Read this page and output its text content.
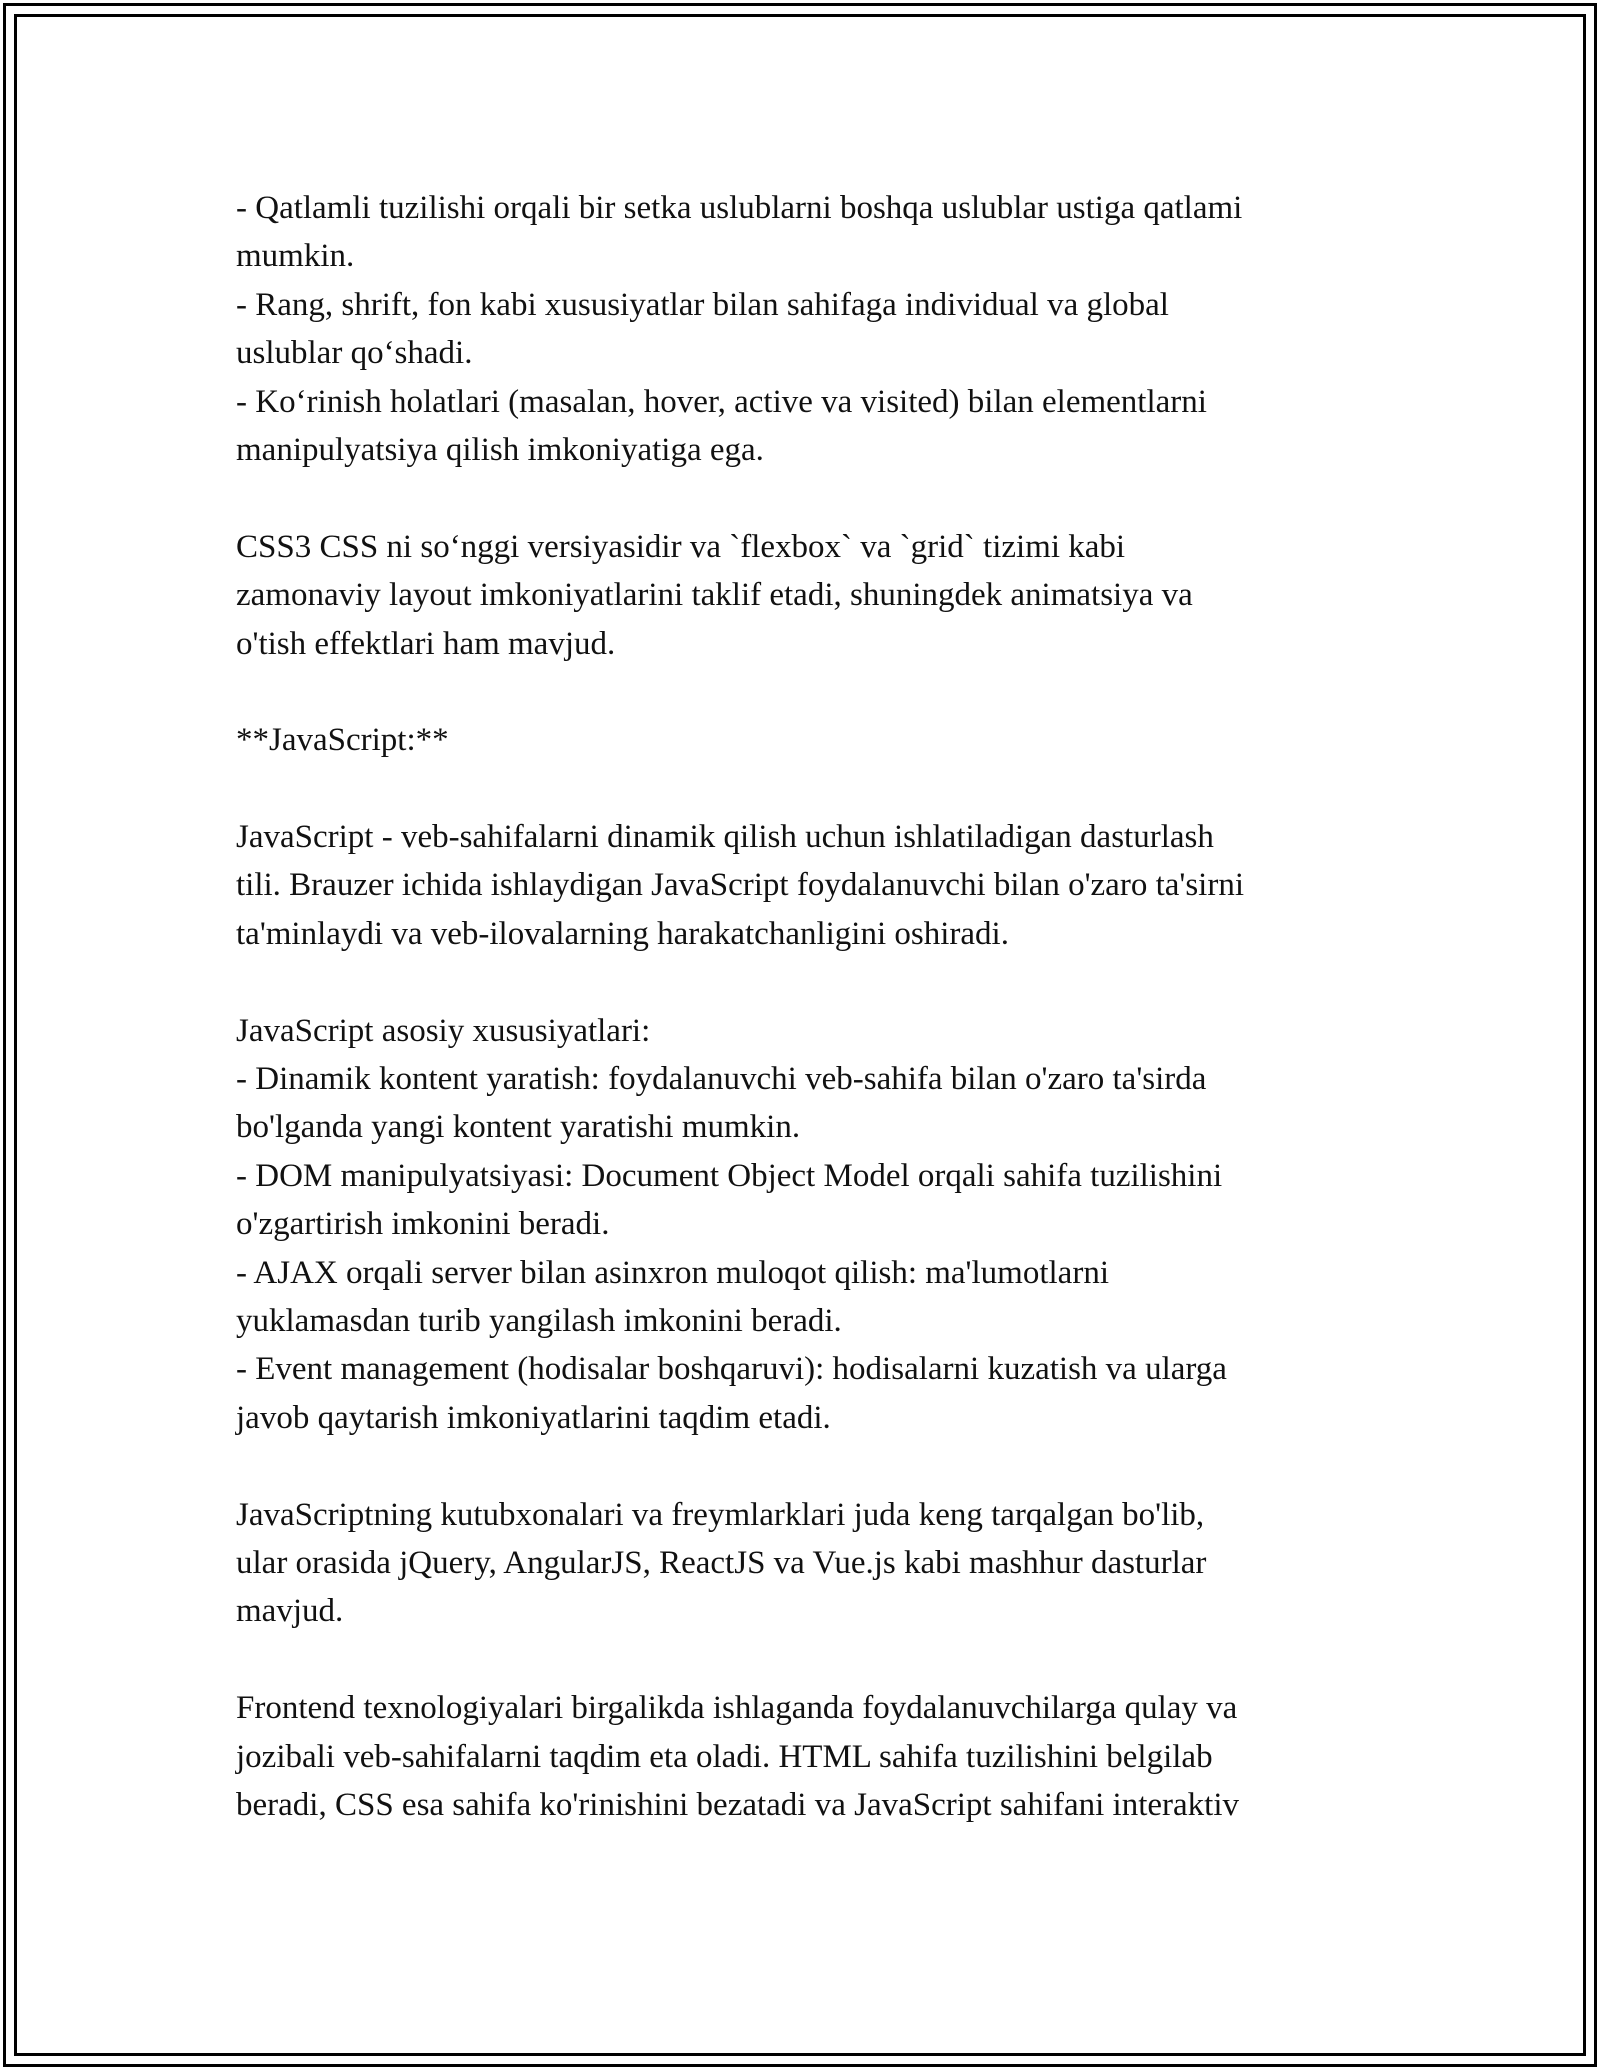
- Qatlamli tuzilishi orqali bir setka uslublarni boshqa uslublar ustiga qatlami
mumkin.
- Rang, shrift, fon kabi xususiyatlar bilan sahifaga individual va global
uslublar qo‘shadi.
- Ko‘rinish holatlari (masalan, hover, active va visited) bilan elementlarni
manipulyatsiya qilish imkoniyatiga ega.
CSS3 CSS ni so‘nggi versiyasidir va `flexbox` va `grid` tizimi kabi
zamonaviy layout imkoniyatlarini taklif etadi, shuningdek animatsiya va
o'tish effektlari ham mavjud.
**JavaScript:**
JavaScript - veb-sahifalarni dinamik qilish uchun ishlatiladigan dasturlash
tili. Brauzer ichida ishlaydigan JavaScript foydalanuvchi bilan o'zaro ta'sirni
ta'minlaydi va veb-ilovalarning harakatchanligini oshiradi.
JavaScript asosiy xususiyatlari:
- Dinamik kontent yaratish: foydalanuvchi veb-sahifa bilan o'zaro ta'sirda
bo'lganda yangi kontent yaratishi mumkin.
- DOM manipulyatsiyasi: Document Object Model orqali sahifa tuzilishini
o'zgartirish imkonini beradi.
- AJAX orqali server bilan asinxron muloqot qilish: ma'lumotlarni
yuklamasdan turib yangilash imkonini beradi.
- Event management (hodisalar boshqaruvi): hodisalarni kuzatish va ularga
javob qaytarish imkoniyatlarini taqdim etadi.
JavaScriptning kutubxonalari va freymlarklari juda keng tarqalgan bo'lib,
ular orasida jQuery, AngularJS, ReactJS va Vue.js kabi mashhur dasturlar
mavjud.
Frontend texnologiyalari birgalikda ishlaganda foydalanuvchilarga qulay va
jozibali veb-sahifalarni taqdim eta oladi. HTML sahifa tuzilishini belgilab
beradi, CSS esa sahifa ko'rinishini bezatadi va JavaScript sahifani interaktiv
